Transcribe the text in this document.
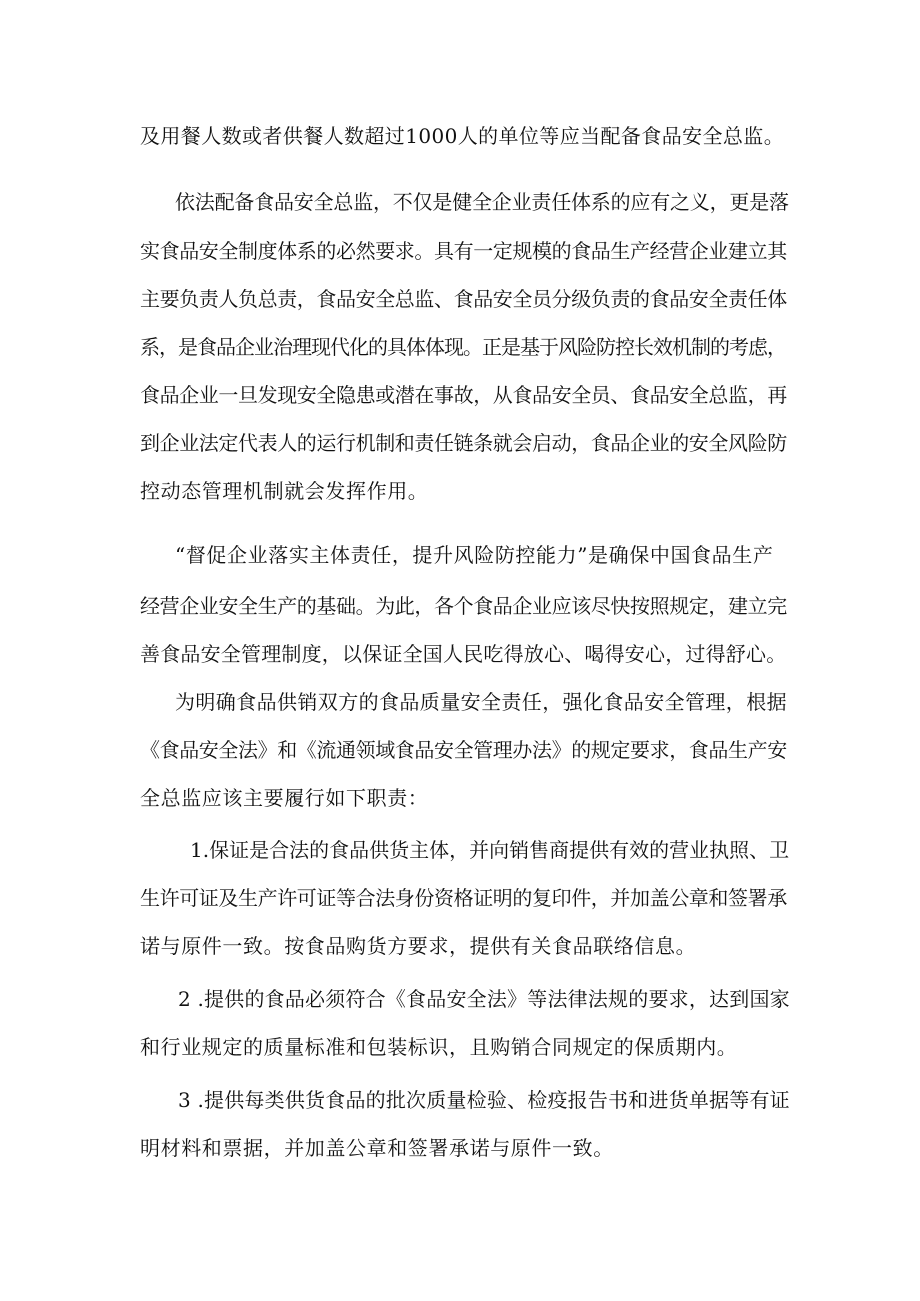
及用餐人数或者供餐人数超过1000人的单位等应当配备食品安全总监。
依法配备食品安全总监，不仅是健全企业责任体系的应有之义，更是落
实食品安全制度体系的必然要求。具有一定规模的食品生产经营企业建立其
主要负责人负总责，食品安全总监、食品安全员分级负责的食品安全责任体
系，是食品企业治理现代化的具体体现。正是基于风险防控长效机制的考虑，
食品企业一旦发现安全隐患或潜在事故，从食品安全员、食品安全总监，再
到企业法定代表人的运行机制和责任链条就会启动，食品企业的安全风险防
控动态管理机制就会发挥作用。
“督促企业落实主体责任，提升风险防控能力”是确保中国食品生产
经营企业安全生产的基础。为此，各个食品企业应该尽快按照规定，建立完
善食品安全管理制度，以保证全国人民吃得放心、喝得安心，过得舒心。
为明确食品供销双方的食品质量安全责任，强化食品安全管理，根据
《食品安全法》和《流通领域食品安全管理办法》的规定要求，食品生产安
全总监应该主要履行如下职责：
1.保证是合法的食品供货主体，并向销售商提供有效的营业执照、卫
生许可证及生产许可证等合法身份资格证明的复印件，并加盖公章和签署承
诺与原件一致。按食品购货方要求，提供有关食品联络信息。
2 .提供的食品必须符合《食品安全法》等法律法规的要求，达到国家
和行业规定的质量标准和包装标识，且购销合同规定的保质期内。
3 .提供每类供货食品的批次质量检验、检疫报告书和进货单据等有证
明材料和票据，并加盖公章和签署承诺与原件一致。
